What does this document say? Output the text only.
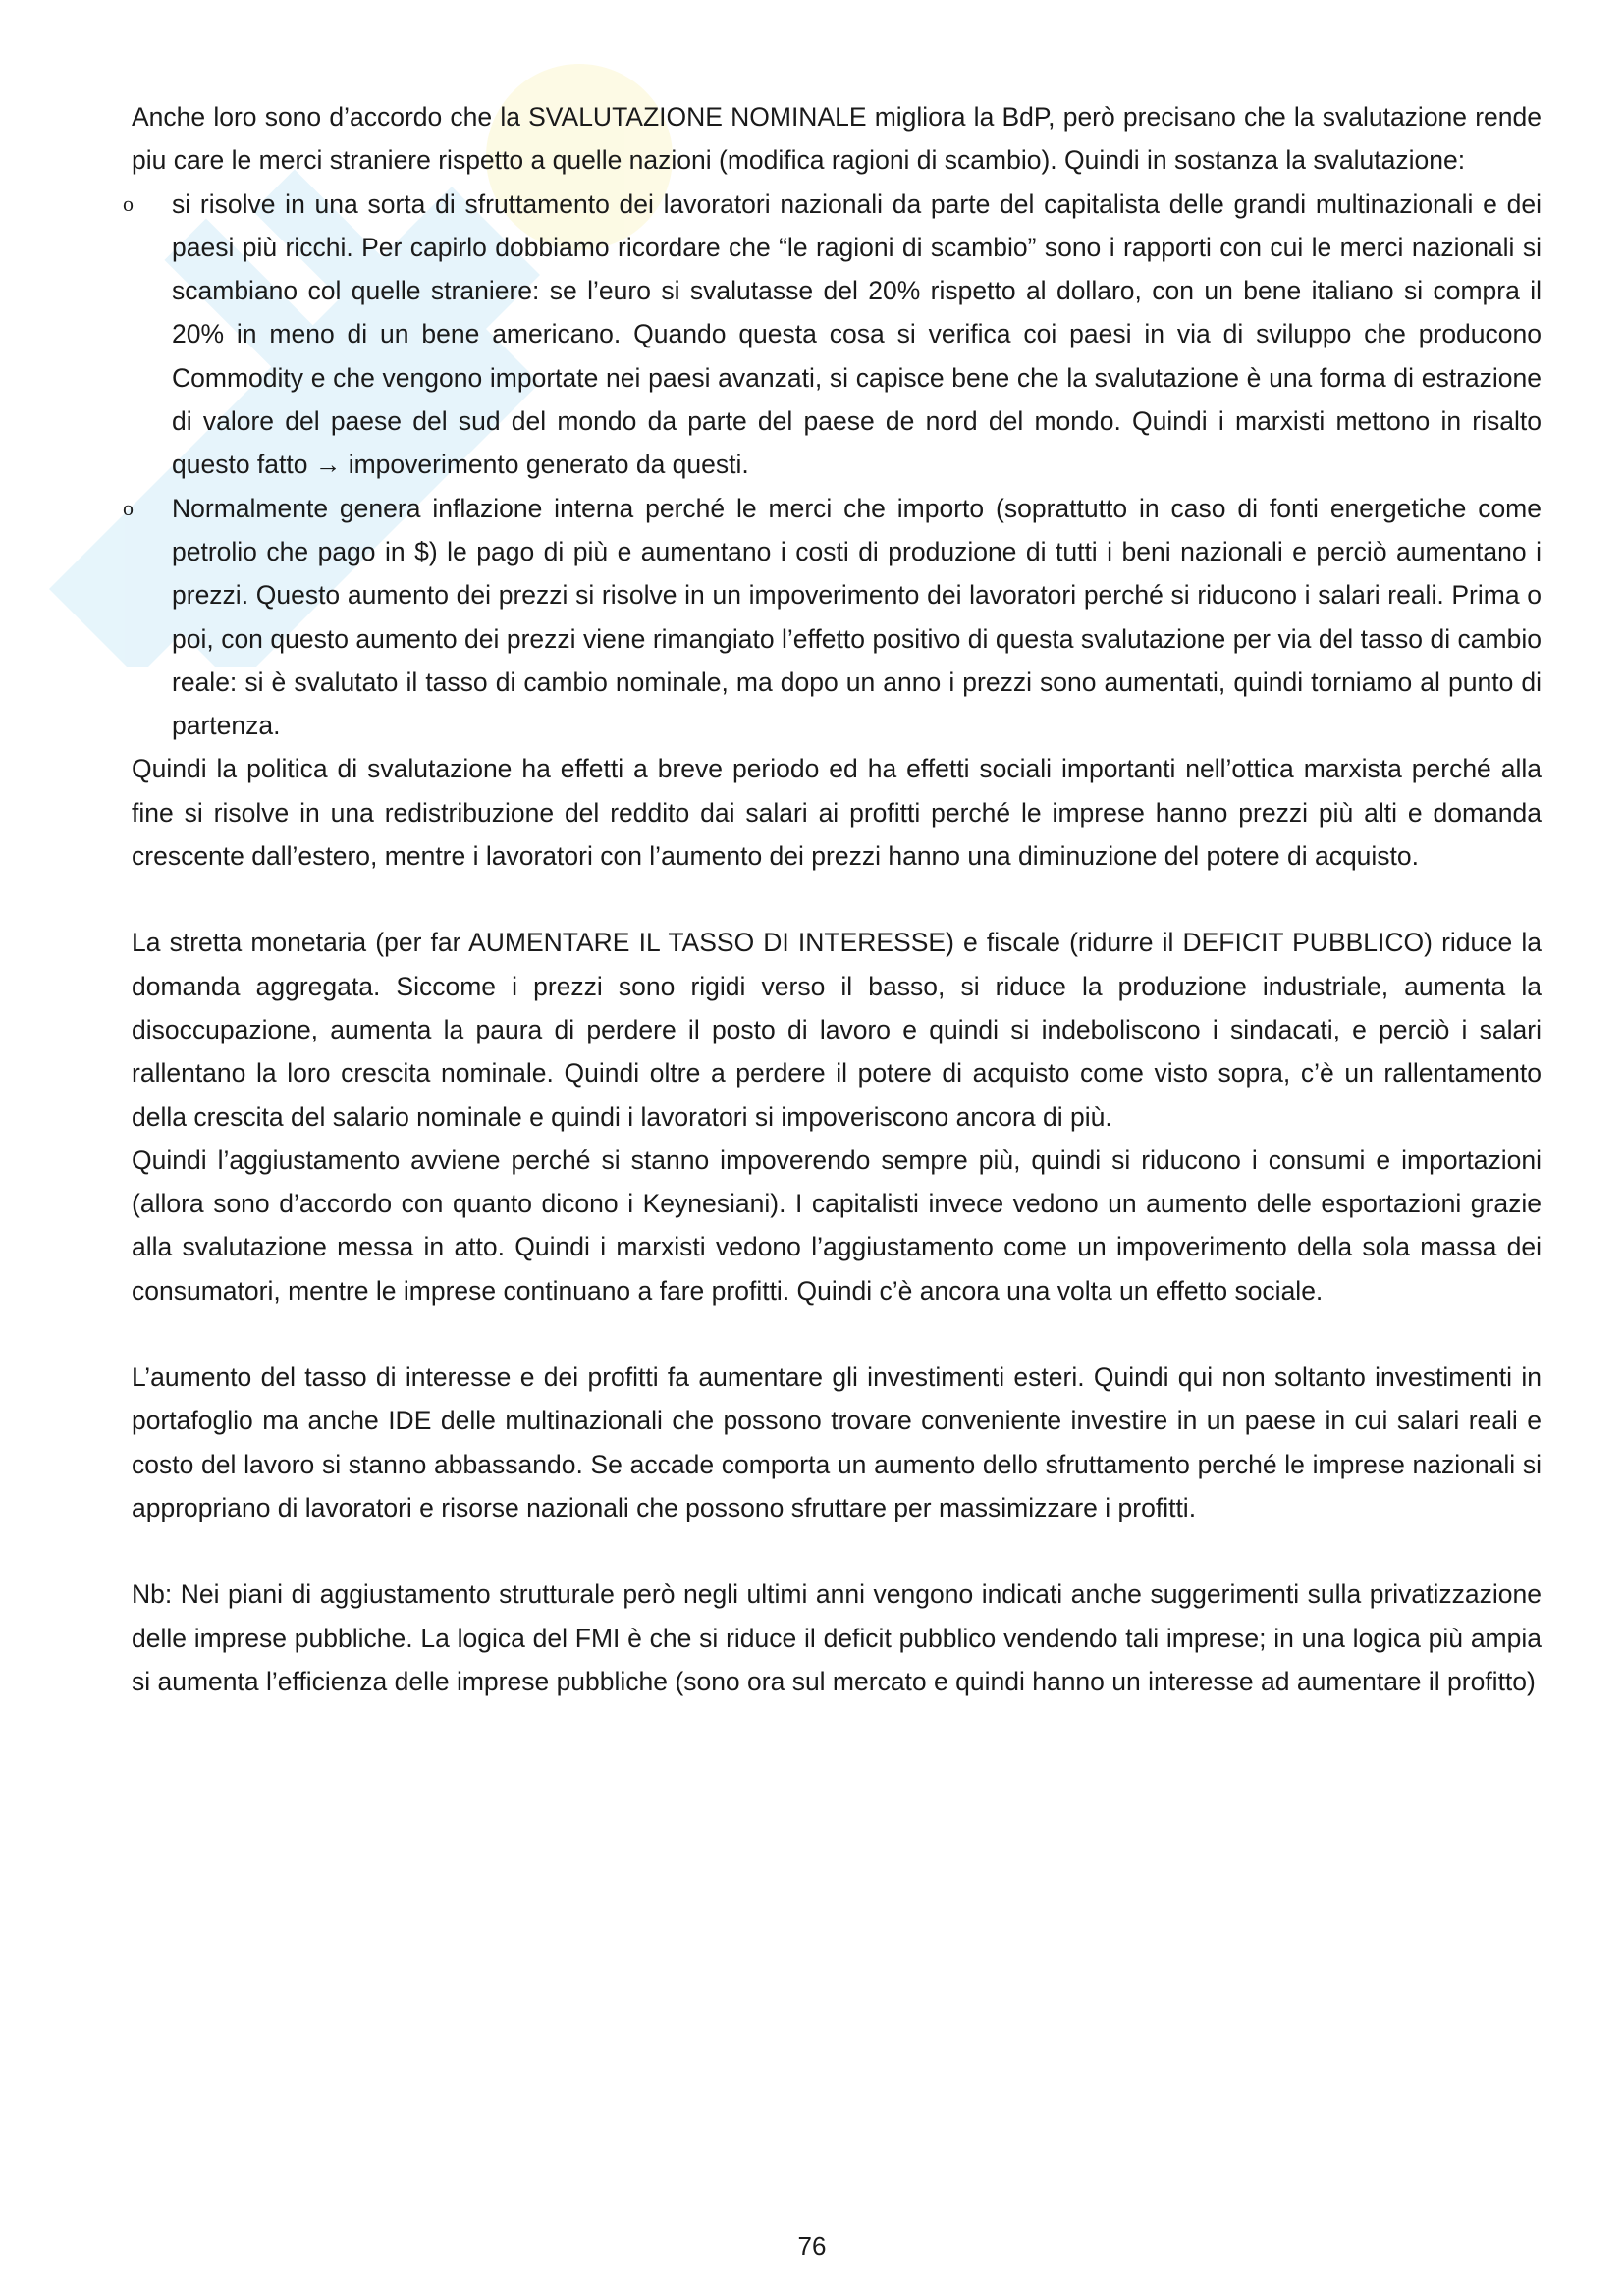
Anche loro sono d’accordo che la SVALUTAZIONE NOMINALE migliora la BdP, però precisano che la svalutazione rende piu care le merci straniere rispetto a quelle nazioni (modifica ragioni di scambio). Quindi in sostanza la svalutazione:

o si risolve in una sorta di sfruttamento dei lavoratori nazionali da parte del capitalista delle grandi multinazionali e dei paesi più ricchi. Per capirlo dobbiamo ricordare che “le ragioni di scambio” sono i rapporti con cui le merci nazionali si scambiano col quelle straniere: se l’euro si svalutasse del 20% rispetto al dollaro, con un bene italiano si compra il 20% in meno di un bene americano. Quando questa cosa si verifica coi paesi in via di sviluppo che producono Commodity e che vengono importate nei paesi avanzati, si capisce bene che la svalutazione è una forma di estrazione di valore del paese del sud del mondo da parte del paese de nord del mondo. Quindi i marxisti mettono in risalto questo fatto → impoverimento generato da questi.
o Normalmente genera inflazione interna perché le merci che importo (soprattutto in caso di fonti energetiche come petrolio che pago in $) le pago di più e aumentano i costi di produzione di tutti i beni nazionali e perciò aumentano i prezzi. Questo aumento dei prezzi si risolve in un impoverimento dei lavoratori perché si riducono i salari reali. Prima o poi, con questo aumento dei prezzi viene rimangiato l’effetto positivo di questa svalutazione per via del tasso di cambio reale: si è svalutato il tasso di cambio nominale, ma dopo un anno i prezzi sono aumentati, quindi torniamo al punto di partenza.

Quindi la politica di svalutazione ha effetti a breve periodo ed ha effetti sociali importanti nell’ottica marxista perché alla fine si risolve in una redistribuzione del reddito dai salari ai profitti perché le imprese hanno prezzi più alti e domanda crescente dall’estero, mentre i lavoratori con l’aumento dei prezzi hanno una diminuzione del potere di acquisto.

La stretta monetaria (per far AUMENTARE IL TASSO DI INTERESSE) e fiscale (ridurre il DEFICIT PUBBLICO) riduce la domanda aggregata. Siccome i prezzi sono rigidi verso il basso, si riduce la produzione industriale, aumenta la disoccupazione, aumenta la paura di perdere il posto di lavoro e quindi si indeboliscono i sindacati, e perciò i salari rallentano la loro crescita nominale. Quindi oltre a perdere il potere di acquisto come visto sopra, c’è un rallentamento della crescita del salario nominale e quindi i lavoratori si impoveriscono ancora di più.

Quindi l’aggiustamento avviene perché si stanno impoverendo sempre più, quindi si riducono i consumi e importazioni (allora sono d’accordo con quanto dicono i Keynesiani). I capitalisti invece vedono un aumento delle esportazioni grazie alla svalutazione messa in atto. Quindi i marxisti vedono l’aggiustamento come un impoverimento della sola massa dei consumatori, mentre le imprese continuano a fare profitti. Quindi c’è ancora una volta un effetto sociale.

L’aumento del tasso di interesse e dei profitti fa aumentare gli investimenti esteri. Quindi qui non soltanto investimenti in portafoglio ma anche IDE delle multinazionali che possono trovare conveniente investire in un paese in cui salari reali e costo del lavoro si stanno abbassando. Se accade comporta un aumento dello sfruttamento perché le imprese nazionali si appropriano di lavoratori e risorse nazionali che possono sfruttare per massimizzare i profitti.

Nb: Nei piani di aggiustamento strutturale però negli ultimi anni vengono indicati anche suggerimenti sulla privatizzazione delle imprese pubbliche. La logica del FMI è che si riduce il deficit pubblico vendendo tali imprese; in una logica più ampia si aumenta l’efficienza delle imprese pubbliche (sono ora sul mercato e quindi hanno un interesse ad aumentare il profitto)

76
